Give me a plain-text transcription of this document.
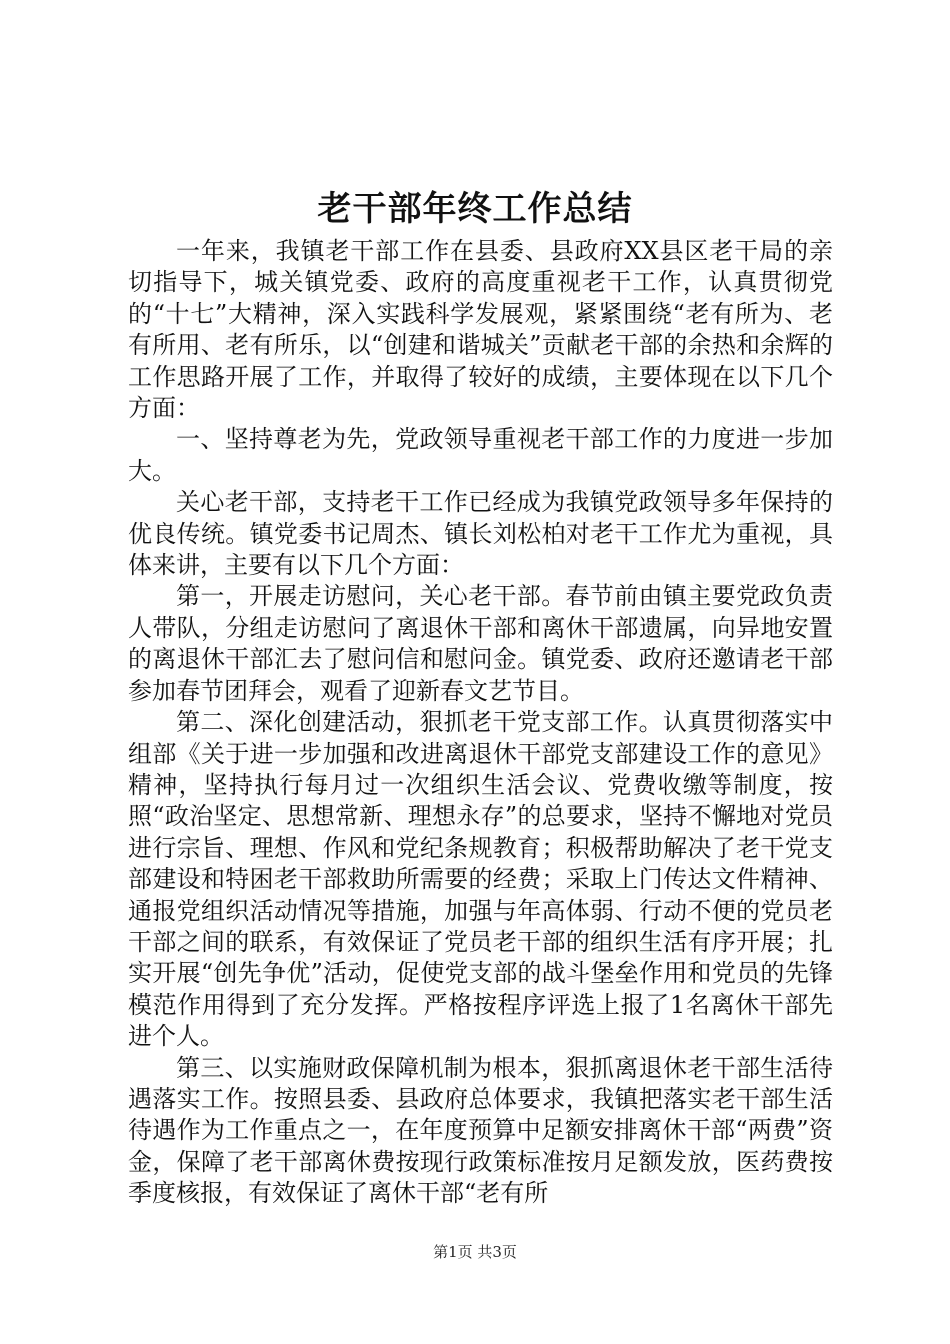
老干部年终工作总结

一年来，我镇老干部工作在县委、县政府XX县区老干局的亲切指导下，城关镇党委、政府的高度重视老干工作，认真贯彻党的“十七”大精神，深入实践科学发展观，紧紧围绕“老有所为、老有所用、老有所乐，以“创建和谐城关”贡献老干部的余热和余辉的工作思路开展了工作，并取得了较好的成绩，主要体现在以下几个方面：

一、坚持尊老为先，党政领导重视老干部工作的力度进一步加大。

关心老干部，支持老干工作已经成为我镇党政领导多年保持的优良传统。镇党委书记周杰、镇长刘松柏对老干工作尤为重视，具体来讲，主要有以下几个方面：

第一，开展走访慰问，关心老干部。春节前由镇主要党政负责人带队，分组走访慰问了离退休干部和离休干部遗属，向异地安置的离退休干部汇去了慰问信和慰问金。镇党委、政府还邀请老干部参加春节团拜会，观看了迎新春文艺节目。

第二、深化创建活动，狠抓老干党支部工作。认真贯彻落实中组部《关于进一步加强和改进离退休干部党支部建设工作的意见》精神，坚持执行每月过一次组织生活会议、党费收缴等制度，按照“政治坚定、思想常新、理想永存”的总要求，坚持不懈地对党员进行宗旨、理想、作风和党纪条规教育；积极帮助解决了老干党支部建设和特困老干部救助所需要的经费；采取上门传达文件精神、通报党组织活动情况等措施，加强与年高体弱、行动不便的党员老干部之间的联系，有效保证了党员老干部的组织生活有序开展；扎实开展“创先争优”活动，促使党支部的战斗堡垒作用和党员的先锋模范作用得到了充分发挥。严格按程序评选上报了1名离休干部先进个人。

第三、以实施财政保障机制为根本，狠抓离退休老干部生活待遇落实工作。按照县委、县政府总体要求，我镇把落实老干部生活待遇作为工作重点之一，在年度预算中足额安排离休干部“两费”资金，保障了老干部离休费按现行政策标准按月足额发放，医药费按季度核报，有效保证了离休干部“老有所

第1页 共3页
